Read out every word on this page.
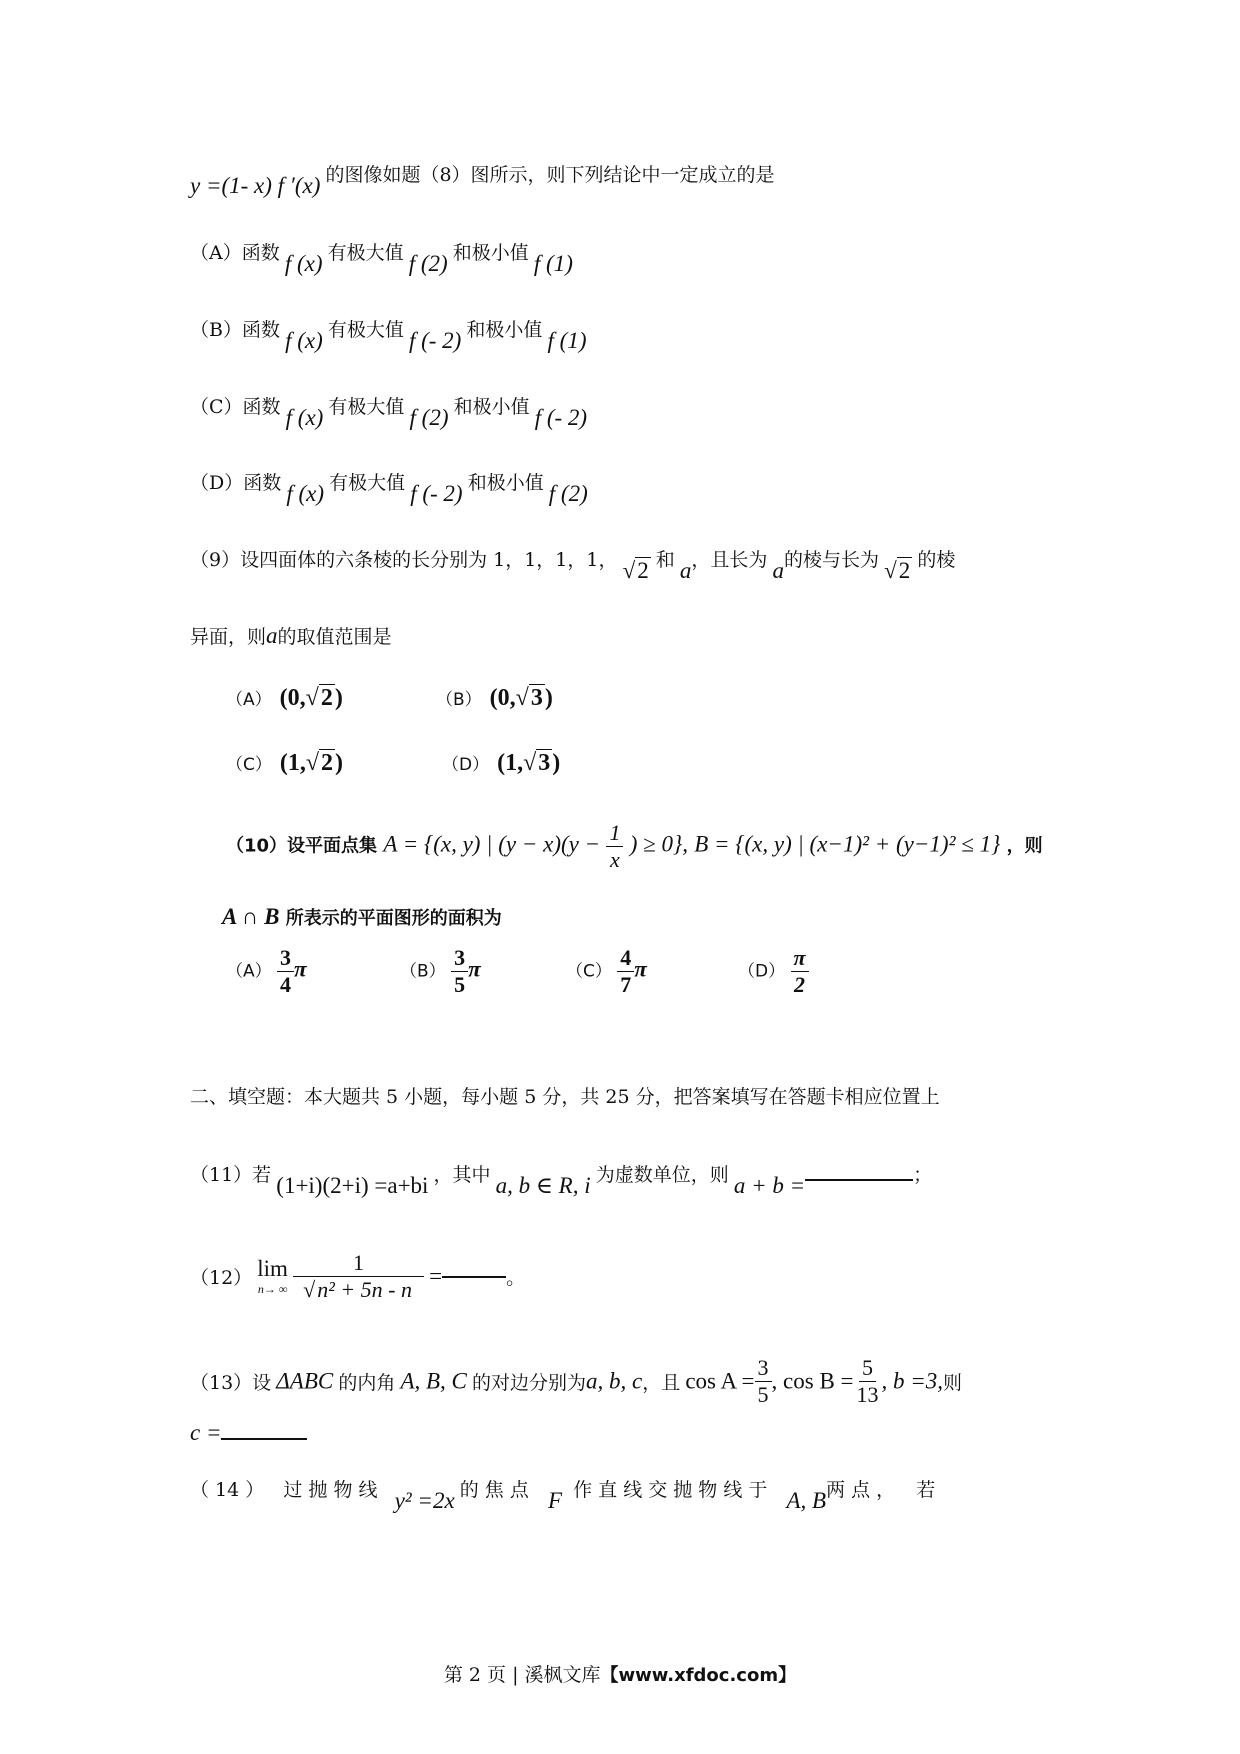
y =(1- x) f ′(x) 的图像如题（8）图所示，则下列结论中一定成立的是
（A）函数 f (x) 有极大值 f (2) 和极小值 f (1)
（B）函数 f (x) 有极大值 f (- 2) 和极小值 f (1)
（C）函数 f (x) 有极大值 f (2) 和极小值 f (- 2)
（D）函数 f (x) 有极大值 f (- 2) 和极小值 f (2)
（9）设四面体的六条棱的长分别为 1，1，1，1， √2 和 a，且长为 a的棱与长为 √2 的棱
异面，则a的取值范围是
（A） (0,√2)	（B） (0,√3)
（C） (1,√2)	（D） (1,√3)
（10）设平面点集 A = {(x, y) | $(y - x)(y - \frac{1}{x}$ ) ≥ 0}, B = {(x, y) | (x−1)² + (y−1)² ≤ 1} ，则
A ∩ B 所表示的平面图形的面积为
$(A) \frac{3}{4}$ π	$(B) \frac{3}{5}$ π	$(C) \frac{4}{7}$ π	$(D) \frac{\pi}{2}$
二、填空题：本大题共 5 小题，每小题 5 分，共 25 分，把答案填写在答题卡相应位置上
（11）若 (1+i)(2+i) =a+bi ，其中 a, b ∈ R, i 为虚数单位，则 a + b =	；
（12） lim
n→ ∞
$\frac{1}{\text{√n² + 5n - n}}$ =	。
（13）设 ΔABC 的内角 A, B, C 的对边分别为a, b, c，且 $\cos A = \frac{3}{5}$ , $\cos B = \frac{5}{13}$ , b =3,则
c =
（ 14 ） 过 抛 物 线 y² =2x 的 焦 点 F 作 直 线 交 抛 物 线 于 A, B两 点 ， 若
第 2 页 | 溪枫文库【www.xfdoc.com】
